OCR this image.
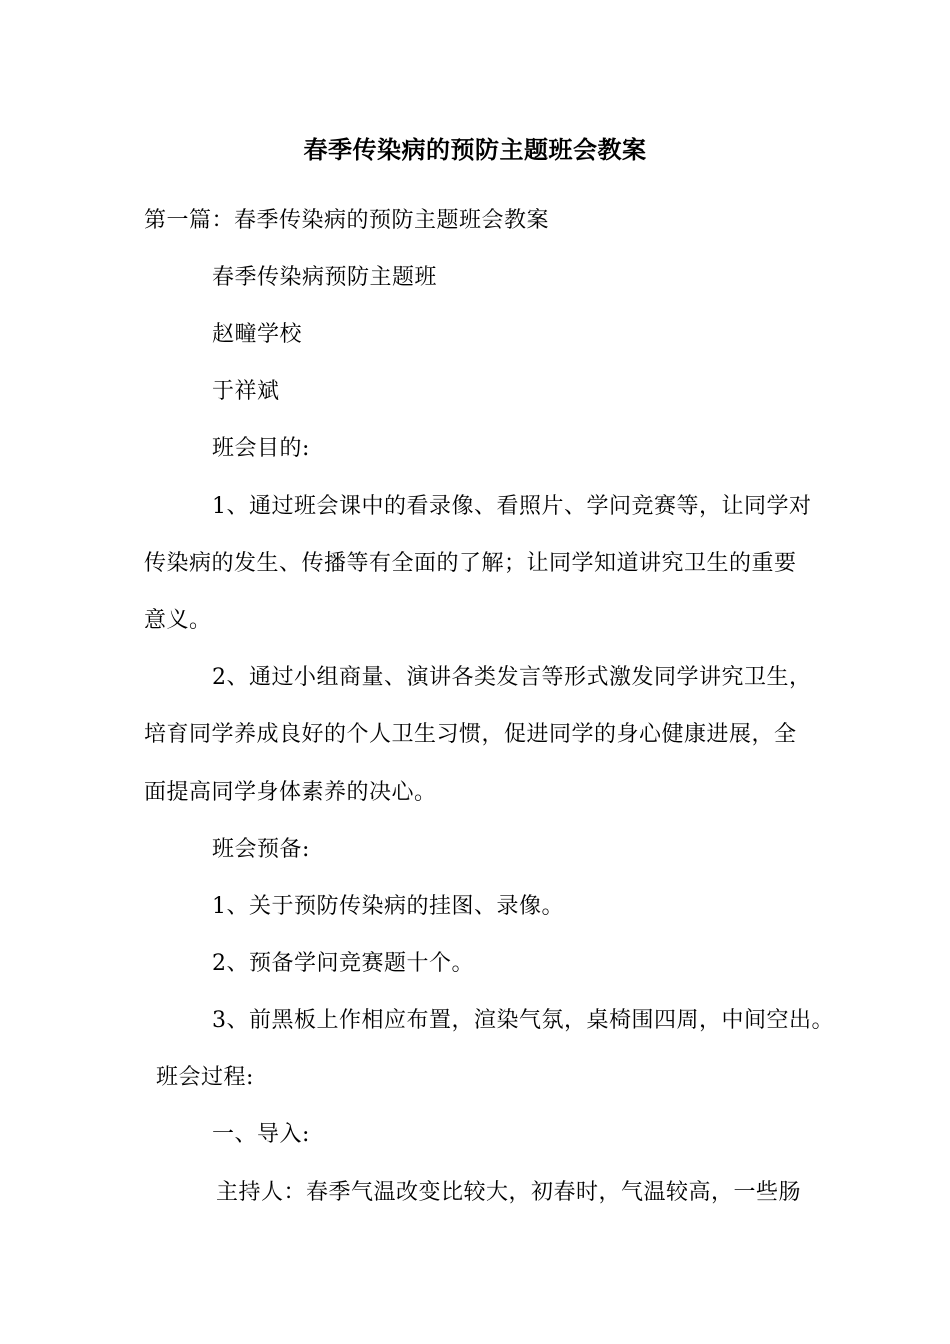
春季传染病的预防主题班会教案
第一篇：春季传染病的预防主题班会教案
春季传染病预防主题班
赵疃学校
于祥斌
班会目的:
1、通过班会课中的看录像、看照片、学问竞赛等，让同学对
传染病的发生、传播等有全面的了解；让同学知道讲究卫生的重要
意义。
2、通过小组商量、演讲各类发言等形式激发同学讲究卫生，
培育同学养成良好的个人卫生习惯，促进同学的身心健康进展，全
面提高同学身体素养的决心。
班会预备:
1、关于预防传染病的挂图、录像。
2、预备学问竞赛题十个。
3、前黑板上作相应布置，渲染气氛，桌椅围四周，中间空出。
班会过程:
一、导入:
主持人：春季气温改变比较大，初春时，气温较高，一些肠
